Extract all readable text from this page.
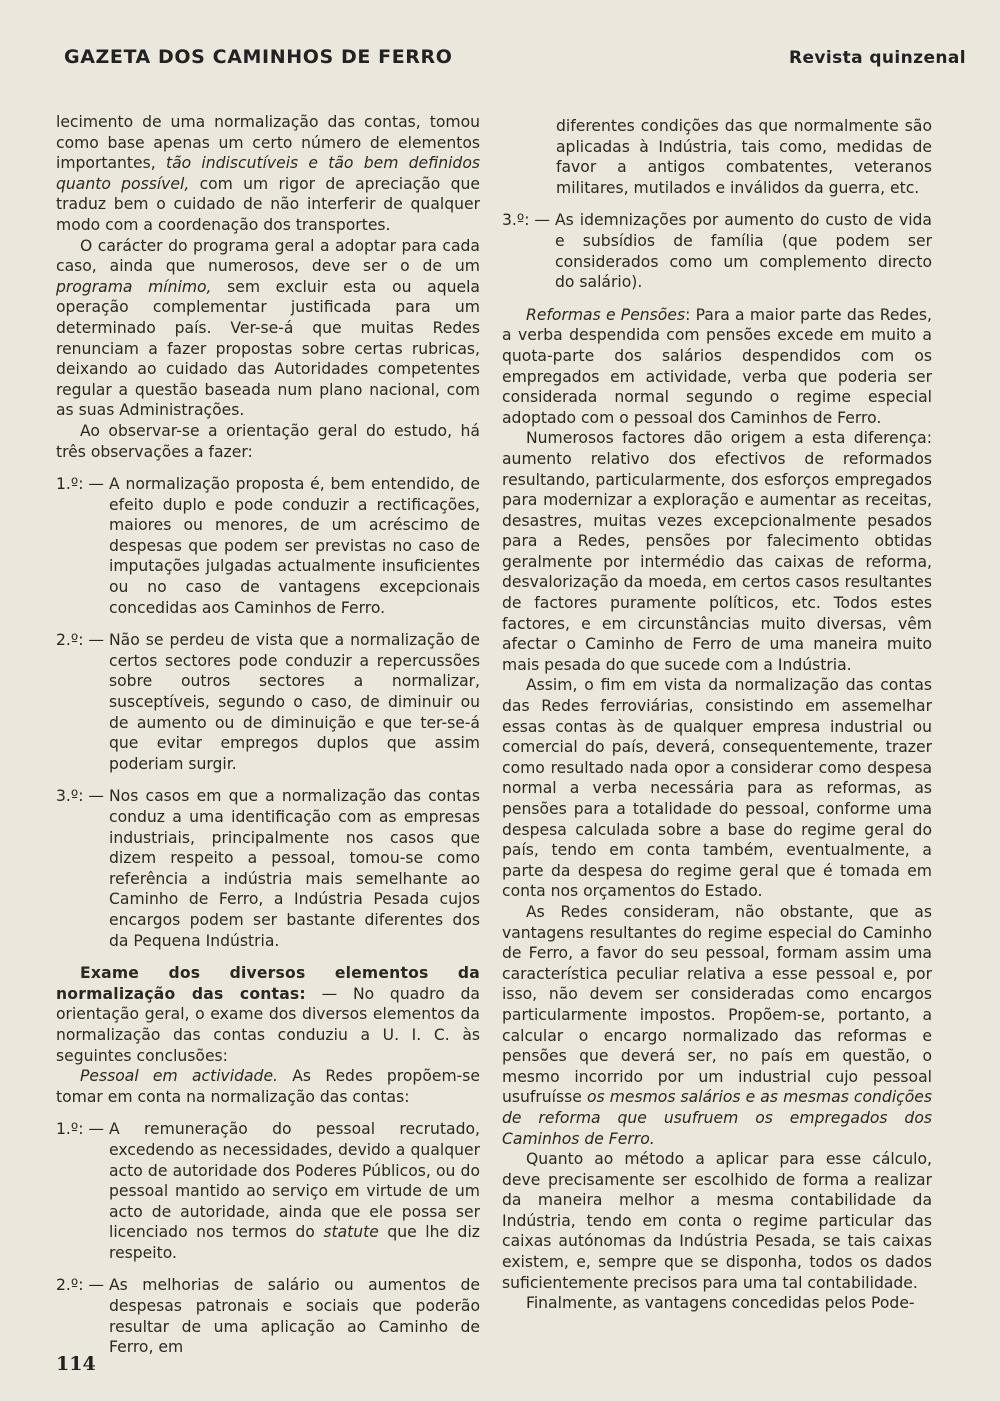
GAZETA DOS CAMINHOS DE FERRO	Revista quinzenal

lecimento de uma normalização das contas, tomou como base apenas um certo número de elementos importantes, tão indiscutíveis e tão bem definidos quanto possível, com um rigor de apreciação que traduz bem o cuidado de não interferir de qualquer modo com a coordenação dos transportes.

O carácter do programa geral a adoptar para cada caso, ainda que numerosos, deve ser o de um programa mínimo, sem excluir esta ou aquela operação complementar justificada para um determinado país. Ver-se-á que muitas Redes renunciam a fazer propostas sobre certas rubricas, deixando ao cuidado das Autoridades competentes regular a questão baseada num plano nacional, com as suas Administrações.

Ao observar-se a orientação geral do estudo, há três observações a fazer:

1.º: — A normalização proposta é, bem entendido, de efeito duplo e pode conduzir a rectificações, maiores ou menores, de um acréscimo de despesas que podem ser previstas no caso de imputações julgadas actualmente insuficientes ou no caso de vantagens excepcionais concedidas aos Caminhos de Ferro.
2.º: — Não se perdeu de vista que a normalização de certos sectores pode conduzir a repercussões sobre outros sectores a normalizar, susceptíveis, segundo o caso, de diminuir ou de aumento ou de diminuição e que ter-se-á que evitar empregos duplos que assim poderiam surgir.
3.º: — Nos casos em que a normalização das contas conduz a uma identificação com as empresas industriais, principalmente nos casos que dizem respeito a pessoal, tomou-se como referência a indústria mais semelhante ao Caminho de Ferro, a Indústria Pesada cujos encargos podem ser bastante diferentes dos da Pequena Indústria.

Exame dos diversos elementos da normalização das contas: — No quadro da orientação geral, o exame dos diversos elementos da normalização das contas conduziu a U. I. C. às seguintes conclusões:

Pessoal em actividade. As Redes propõem-se tomar em conta na normalização das contas:

1.º: — A remuneração do pessoal recrutado, excedendo as necessidades, devido a qualquer acto de autoridade dos Poderes Públicos, ou do pessoal mantido ao serviço em virtude de um acto de autoridade, ainda que ele possa ser licenciado nos termos do statute que lhe diz respeito.
2.º: — As melhorias de salário ou aumentos de despesas patronais e sociais que poderão resultar de uma aplicação ao Caminho de Ferro, em

diferentes condições das que normalmente são aplicadas à Indústria, tais como, medidas de favor a antigos combatentes, veteranos militares, mutilados e inválidos da guerra, etc.

3.º: — As idemnizações por aumento do custo de vida e subsídios de família (que podem ser considerados como um complemento directo do salário).

Reformas e Pensões: Para a maior parte das Redes, a verba despendida com pensões excede em muito a quota-parte dos salários despendidos com os empregados em actividade, verba que poderia ser considerada normal segundo o regime especial adoptado com o pessoal dos Caminhos de Ferro.

Numerosos factores dão origem a esta diferença: aumento relativo dos efectivos de reformados resultando, particularmente, dos esforços empregados para modernizar a exploração e aumentar as receitas, desastres, muitas vezes excepcionalmente pesados para a Redes, pensões por falecimento obtidas geralmente por intermédio das caixas de reforma, desvalorização da moeda, em certos casos resultantes de factores puramente políticos, etc. Todos estes factores, e em circunstâncias muito diversas, vêm afectar o Caminho de Ferro de uma maneira muito mais pesada do que sucede com a Indústria.

Assim, o fim em vista da normalização das contas das Redes ferroviárias, consistindo em assemelhar essas contas às de qualquer empresa industrial ou comercial do país, deverá, consequentemente, trazer como resultado nada opor a considerar como despesa normal a verba necessária para as reformas, as pensões para a totalidade do pessoal, conforme uma despesa calculada sobre a base do regime geral do país, tendo em conta também, eventualmente, a parte da despesa do regime geral que é tomada em conta nos orçamentos do Estado.

As Redes consideram, não obstante, que as vantagens resultantes do regime especial do Caminho de Ferro, a favor do seu pessoal, formam assim uma característica peculiar relativa a esse pessoal e, por isso, não devem ser consideradas como encargos particularmente impostos. Propõem-se, portanto, a calcular o encargo normalizado das reformas e pensões que deverá ser, no país em questão, o mesmo incorrido por um industrial cujo pessoal usufruísse os mesmos salários e as mesmas condições de reforma que usufruem os empregados dos Caminhos de Ferro.

Quanto ao método a aplicar para esse cálculo, deve precisamente ser escolhido de forma a realizar da maneira melhor a mesma contabilidade da Indústria, tendo em conta o regime particular das caixas autónomas da Indústria Pesada, se tais caixas existem, e, sempre que se disponha, todos os dados suficientemente precisos para uma tal contabilidade.

Finalmente, as vantagens concedidas pelos Pode-

114
